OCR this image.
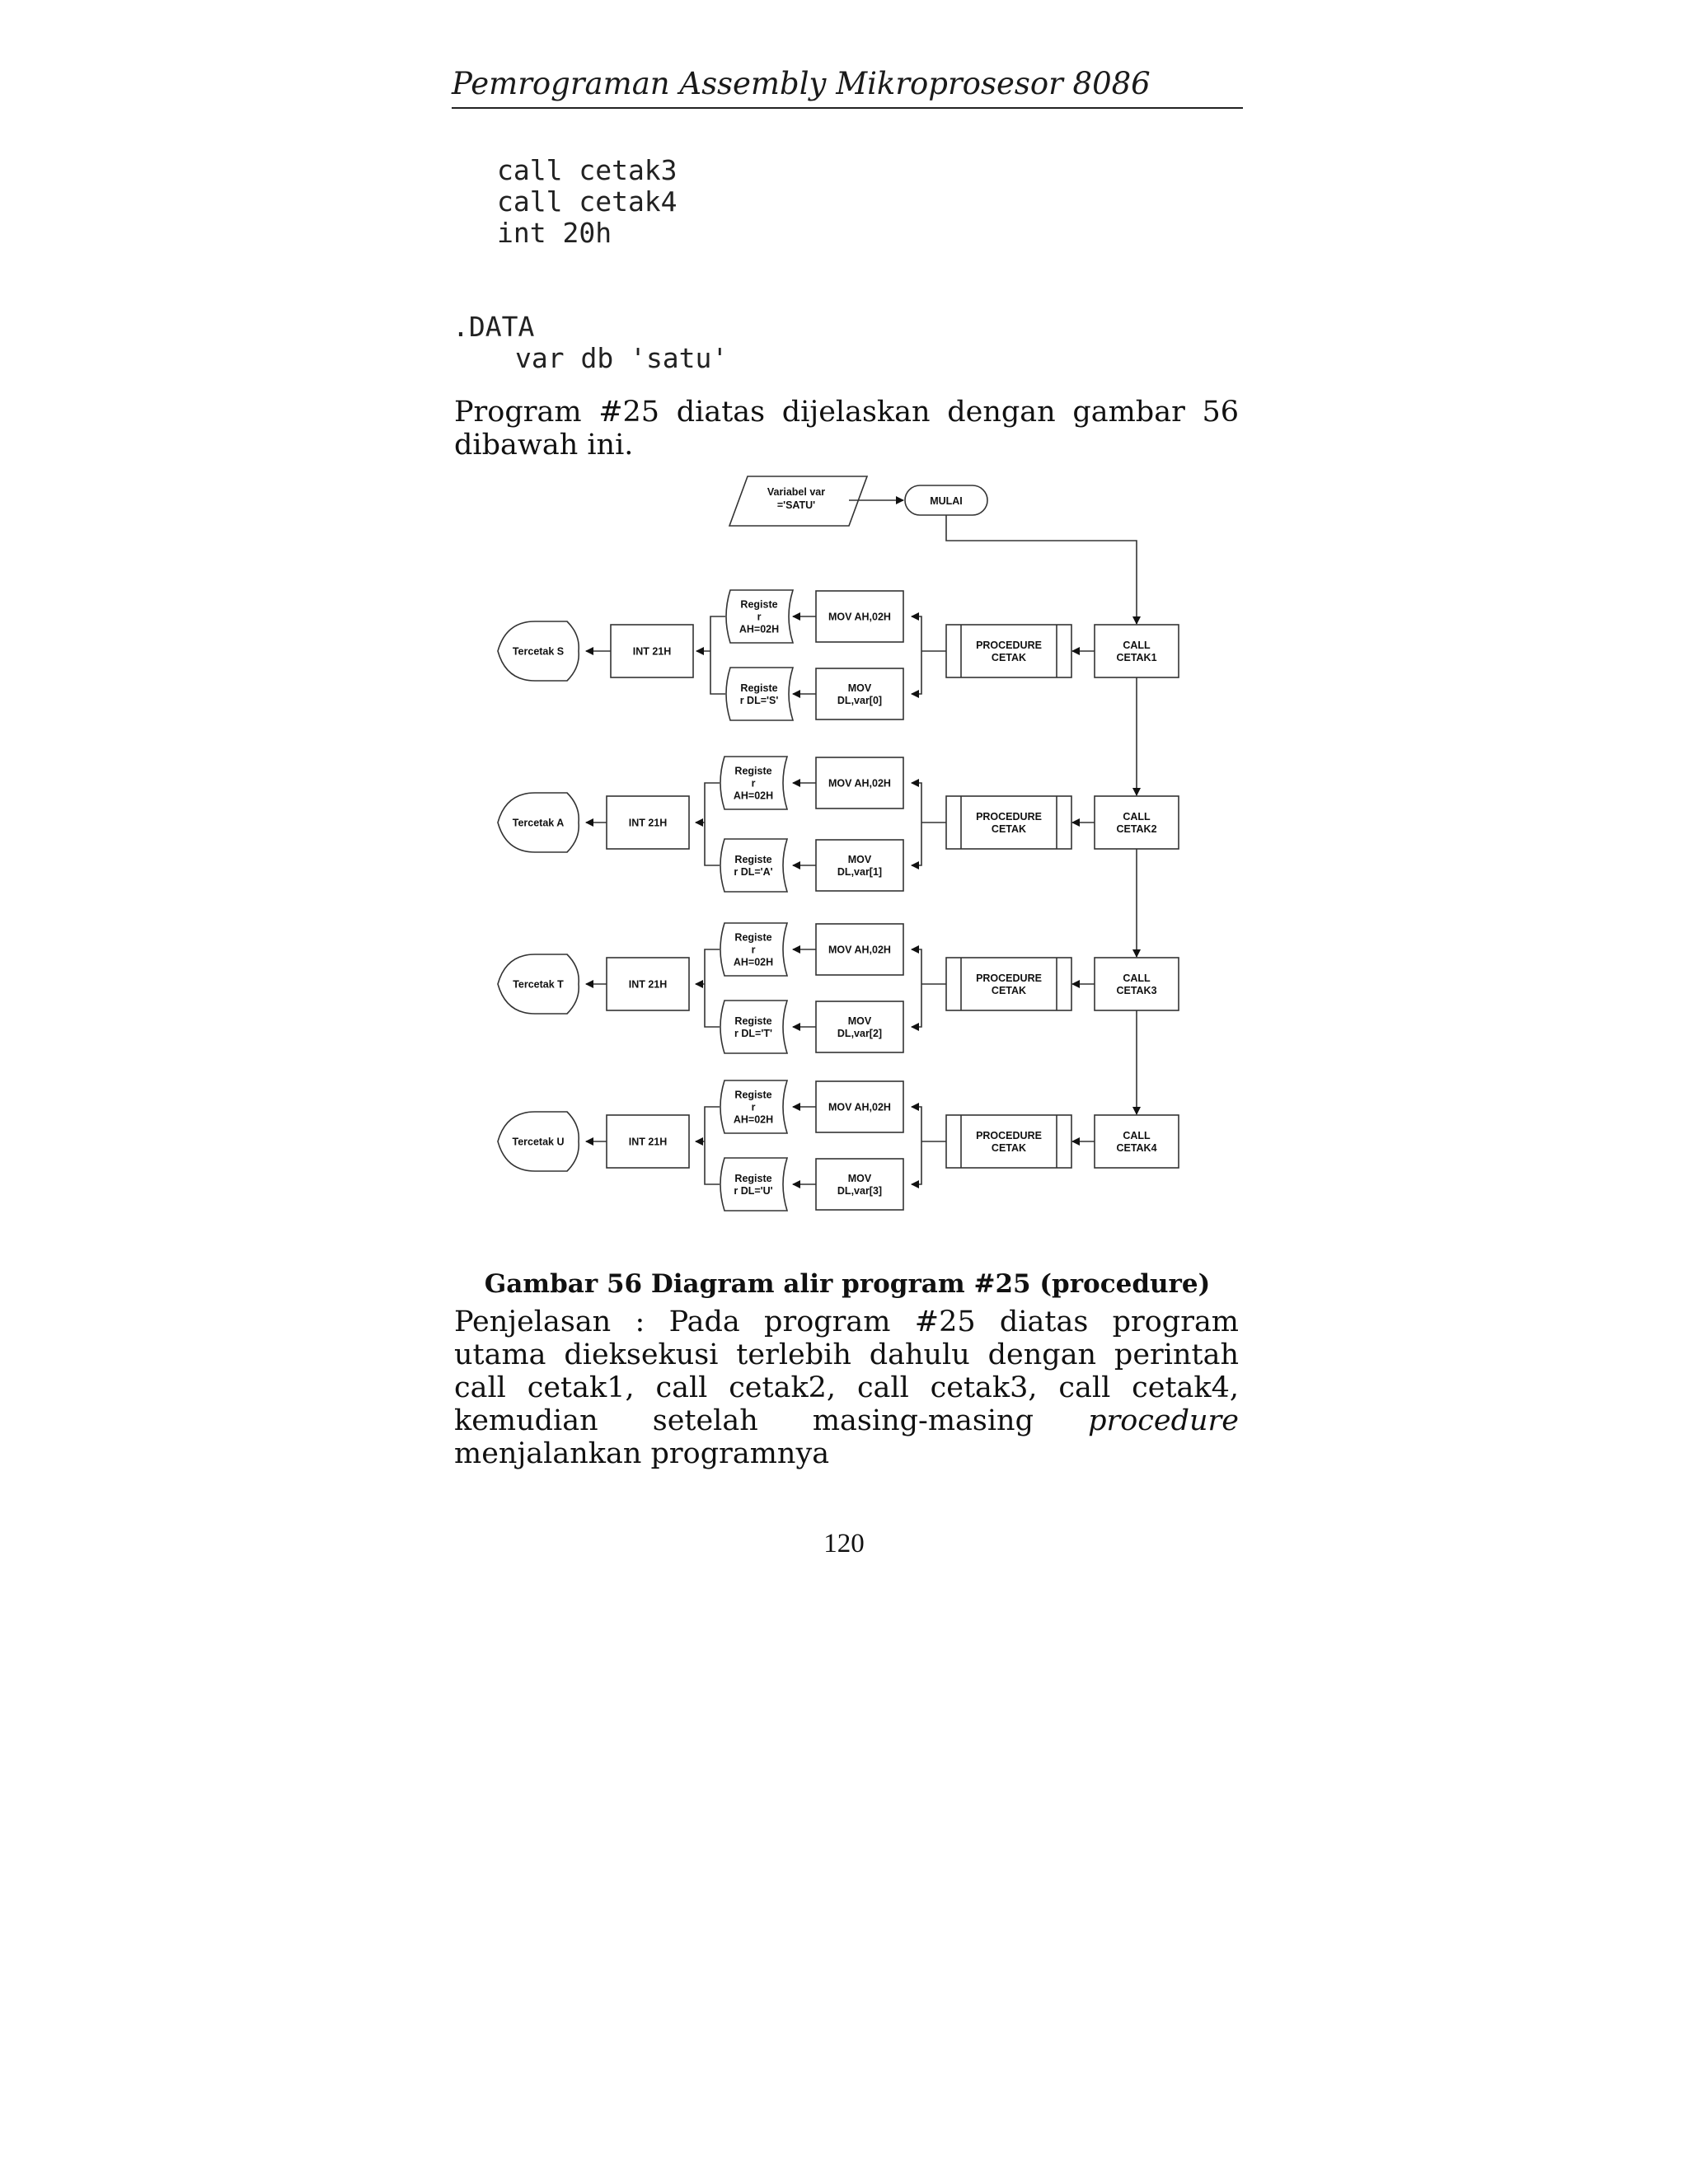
Pemrograman Assembly Mikroprosesor 8086
call cetak3
call cetak4
int 20h
.DATA
var db 'satu'

Program #25 diatas dijelaskan dengan gambar 56 dibawah ini.

Variabel var
='SATU'	MULAI
CALL
CETAK1
PROCEDURE
CETAK
MOV AH,02H
MOV
DL,var[0]
Registe
r
AH=02H
Registe
r DL='S'
INT 21H
Tercetak S
CALL
CETAK2
PROCEDURE
CETAK
MOV AH,02H
MOV
DL,var[1]
Registe
r
AH=02H
Registe
r DL='A'
INT 21H
Tercetak A
CALL
CETAK3
PROCEDURE
CETAK
MOV AH,02H
MOV
DL,var[2]
Registe
r
AH=02H
Registe
r DL='T'
INT 21H
Tercetak T
CALL
CETAK4
PROCEDURE
CETAK
MOV AH,02H
MOV
DL,var[3]
Registe
r
AH=02H
Registe
r DL='U'
INT 21H
Tercetak U
Gambar 56 Diagram alir program #25 (procedure)

Penjelasan : Pada program #25 diatas program utama dieksekusi terlebih dahulu dengan perintah call cetak1, call cetak2, call cetak3, call cetak4, kemudian setelah masing-masing procedure menjalankan programnya

120
